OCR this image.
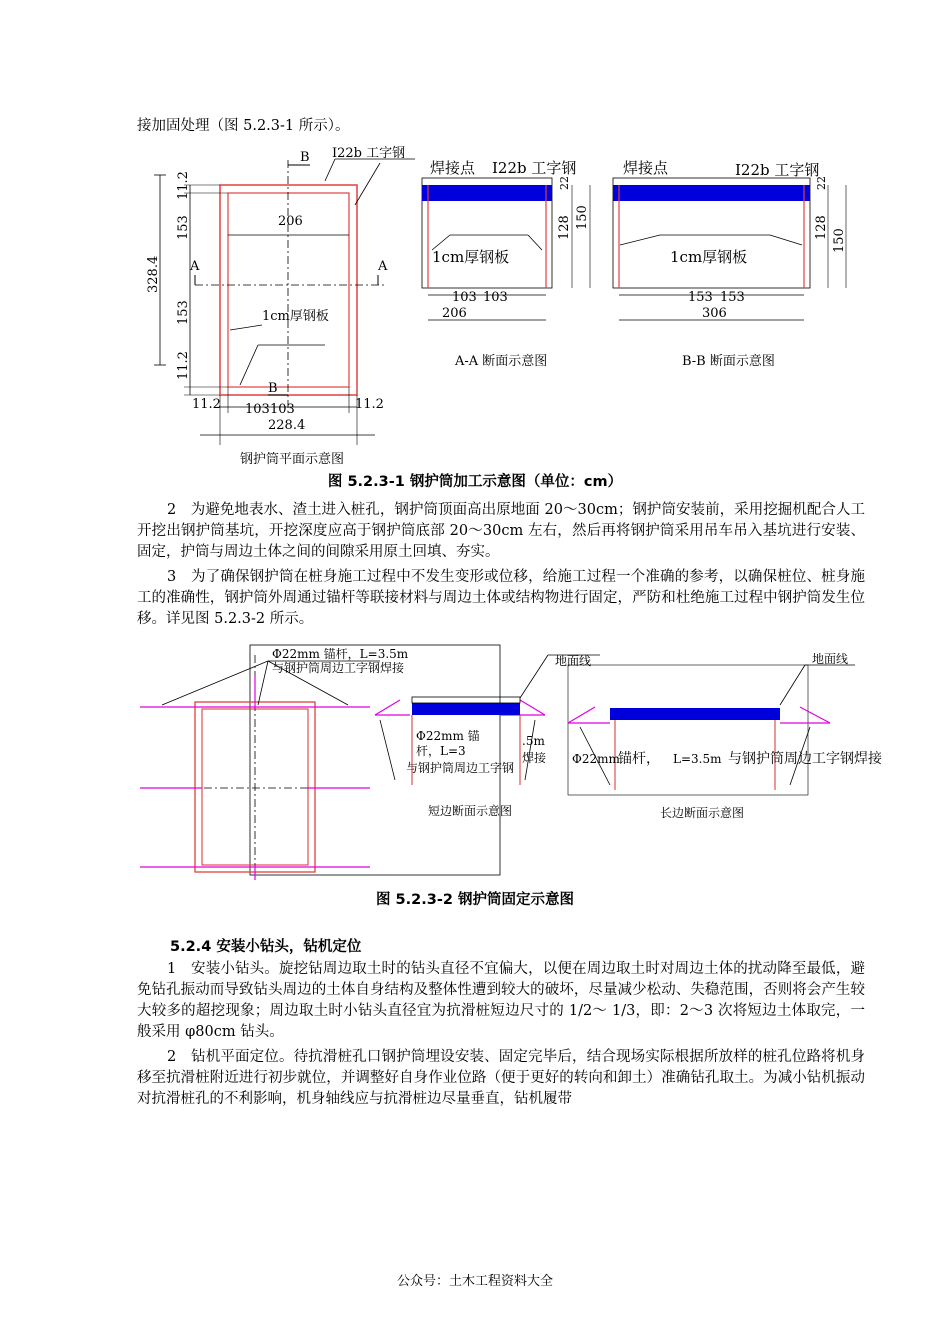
接加固处理（图 5.2.3-1 所示）。

B
B
A	A
I22b 工字钢
206
1cm厚钢板
328.4
11.2
153
153
11.2
11.2	11.2
103 103
228.4
钢护筒平面示意图
焊接点 I22b 工字钢
1cm厚钢板
22
128 150
103 103
206
A-A 断面示意图
焊接点	I22b 工字钢
1cm厚钢板
22
128
150
153 153
306
B-B 断面示意图
图 5.2.3-1 钢护筒加工示意图（单位：cm）

2　为避免地表水、渣土进入桩孔，钢护筒顶面高出原地面 20～30cm；钢护筒安装前，采用挖掘机配合人工开挖出钢护筒基坑，开挖深度应高于钢护筒底部 20～30cm 左右，然后再将钢护筒采用吊车吊入基坑进行安装、固定，护筒与周边土体之间的间隙采用原土回填、夯实。

3　为了确保钢护筒在桩身施工过程中不发生变形或位移，给施工过程一个准确的参考，以确保桩位、桩身施工的准确性，钢护筒外周通过锚杆等联接材料与周边土体或结构物进行固定，严防和杜绝施工过程中钢护筒发生位移。详见图 5.2.3-2 所示。

Φ22mm 锚杆，L=3.5m
与钢护筒周边工字钢焊接	地面线
Φ22mm 锚
杆，L=3
与钢护筒周边工字钢
.5m
焊接
短边断面示意图
地面线
Φ22mm
锚杆， L=3.5m 与钢护筒周边工字钢焊接
长边断面示意图
图 5.2.3-2 钢护筒固定示意图
5.2.4 安装小钻头，钻机定位

1　安装小钻头。旋挖钻周边取土时的钻头直径不宜偏大，以便在周边取土时对周边土体的扰动降至最低，避免钻孔振动而导致钻头周边的土体自身结构及整体性遭到较大的破坏，尽量减少松动、失稳范围，否则将会产生较大较多的超挖现象；周边取土时小钻头直径宜为抗滑桩短边尺寸的 1/2～ 1/3，即：2～3 次将短边土体取完，一般采用 φ80cm 钻头。

2　钻机平面定位。待抗滑桩孔口钢护筒埋设安装、固定完毕后，结合现场实际根据所放样的桩孔位路将机身移至抗滑桩附近进行初步就位，并调整好自身作业位路（便于更好的转向和卸土）准确钻孔取土。为减小钻机振动对抗滑桩孔的不利影响，机身轴线应与抗滑桩边尽量垂直，钻机履带

公众号：土木工程资料大全
